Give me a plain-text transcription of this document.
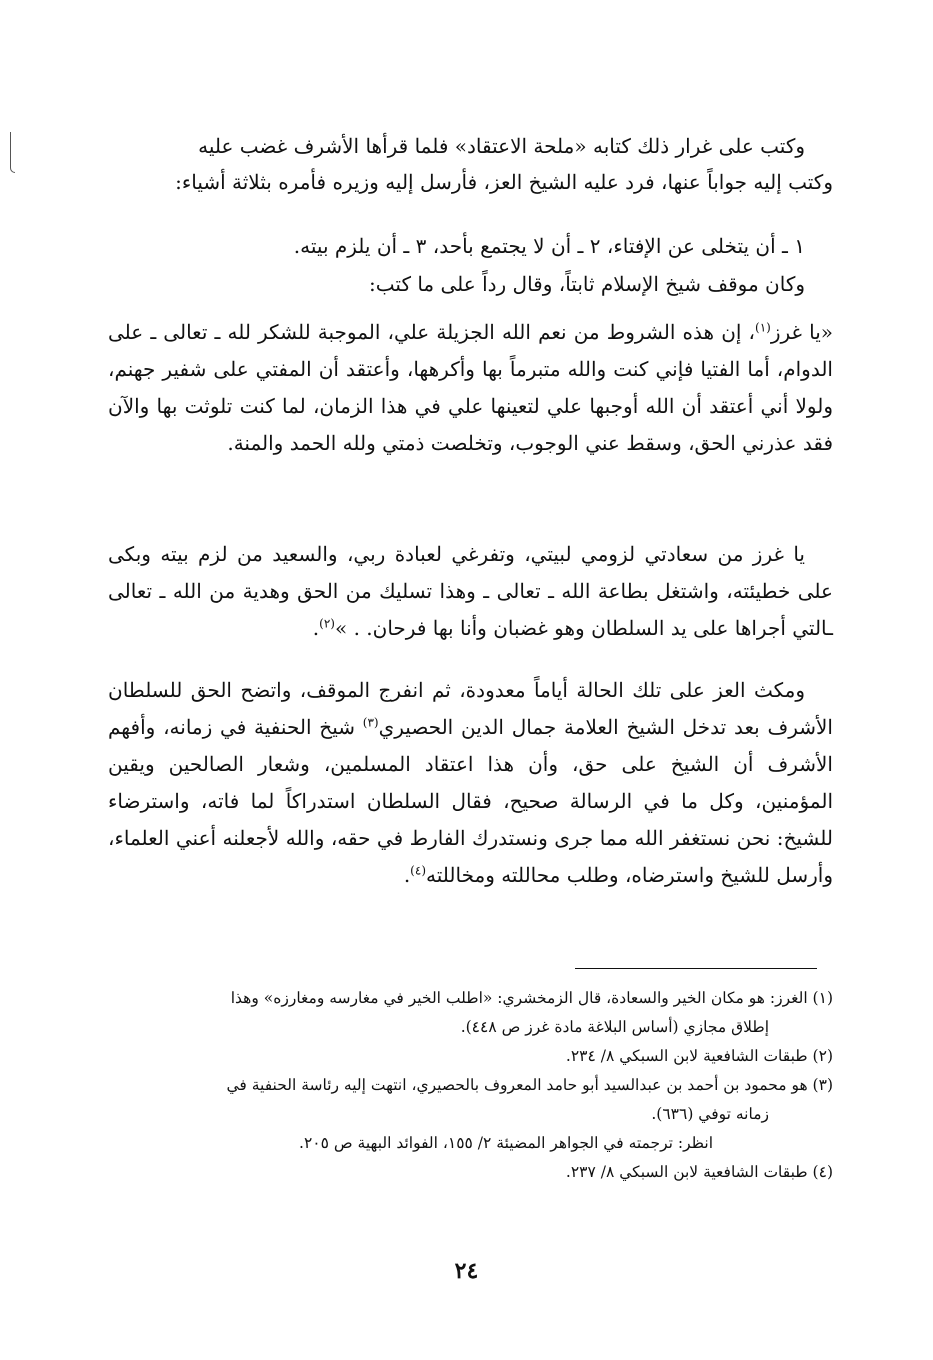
وكتب على غرار ذلك كتابه «ملحة الاعتقاد» فلما قرأها الأشرف غضب عليه

وكتب إليه جواباً عنها، فرد عليه الشيخ العز، فأرسل إليه وزيره فأمره بثلاثة أشياء:

١ ـ أن يتخلى عن الإفتاء، ٢ ـ أن لا يجتمع بأحد، ٣ ـ أن يلزم بيته.

وكان موقف شيخ الإسلام ثابتاً، وقال رداً على ما كتب:

«يا غرز$^{(١)}$، إن هذه الشروط من نعم الله الجزيلة علي، الموجبة للشكر لله ـ تعالى ـ على الدوام، أما الفتيا فإني كنت والله متبرماً بها وأكرهها، وأعتقد أن المفتي على شفير جهنم، ولولا أني أعتقد أن الله أوجبها علي لتعينها علي في هذا الزمان، لما كنت تلوثت بها والآن فقد عذرني الحق، وسقط عني الوجوب، وتخلصت ذمتي ولله الحمد والمنة.

يا غرز من سعادتي لزومي لبيتي، وتفرغي لعبادة ربي، والسعيد من لزم بيته وبكى على خطيئته، واشتغل بطاعة الله ـ تعالى ـ وهذا تسليك من الحق وهدية من الله ـ تعالى ـالتي أجراها على يد السلطان وهو غضبان وأنا بها فرحان. . »$^{(٢)}$.

ومكث العز على تلك الحالة أياماً معدودة، ثم انفرج الموقف، واتضح الحق للسلطان الأشرف بعد تدخل الشيخ العلامة جمال الدين الحصيري$^{(٣)}$ شيخ الحنفية في زمانه، وأفهم الأشرف أن الشيخ على حق، وأن هذا اعتقاد المسلمين، وشعار الصالحين ويقين المؤمنين، وكل ما في الرسالة صحيح، فقال السلطان استدراكاً لما فاته، واسترضاء للشيخ: نحن نستغفر الله مما جرى ونستدرك الفارط في حقه، والله لأجعلنه أعني العلماء، وأرسل للشيخ واسترضاه، وطلب محاللته ومخاللته$^{(٤)}$.

(١) الغرز: هو مكان الخير والسعادة، قال الزمخشري: «اطلب الخير في مغارسه ومغارزه» وهذا

إطلاق مجازي (أساس البلاغة مادة غرز ص ٤٤٨).

(٢) طبقات الشافعية لابن السبكي ٨/ ٢٣٤.

(٣) هو محمود بن أحمد بن عبدالسيد أبو حامد المعروف بالحصيري، انتهت إليه رئاسة الحنفية في

زمانه توفي (٦٣٦).

انظر: ترجمته في الجواهر المضيئة ٢/ ١٥٥، الفوائد البهية ص ٢٠٥.

(٤) طبقات الشافعية لابن السبكي ٨/ ٢٣٧.

٢٤
